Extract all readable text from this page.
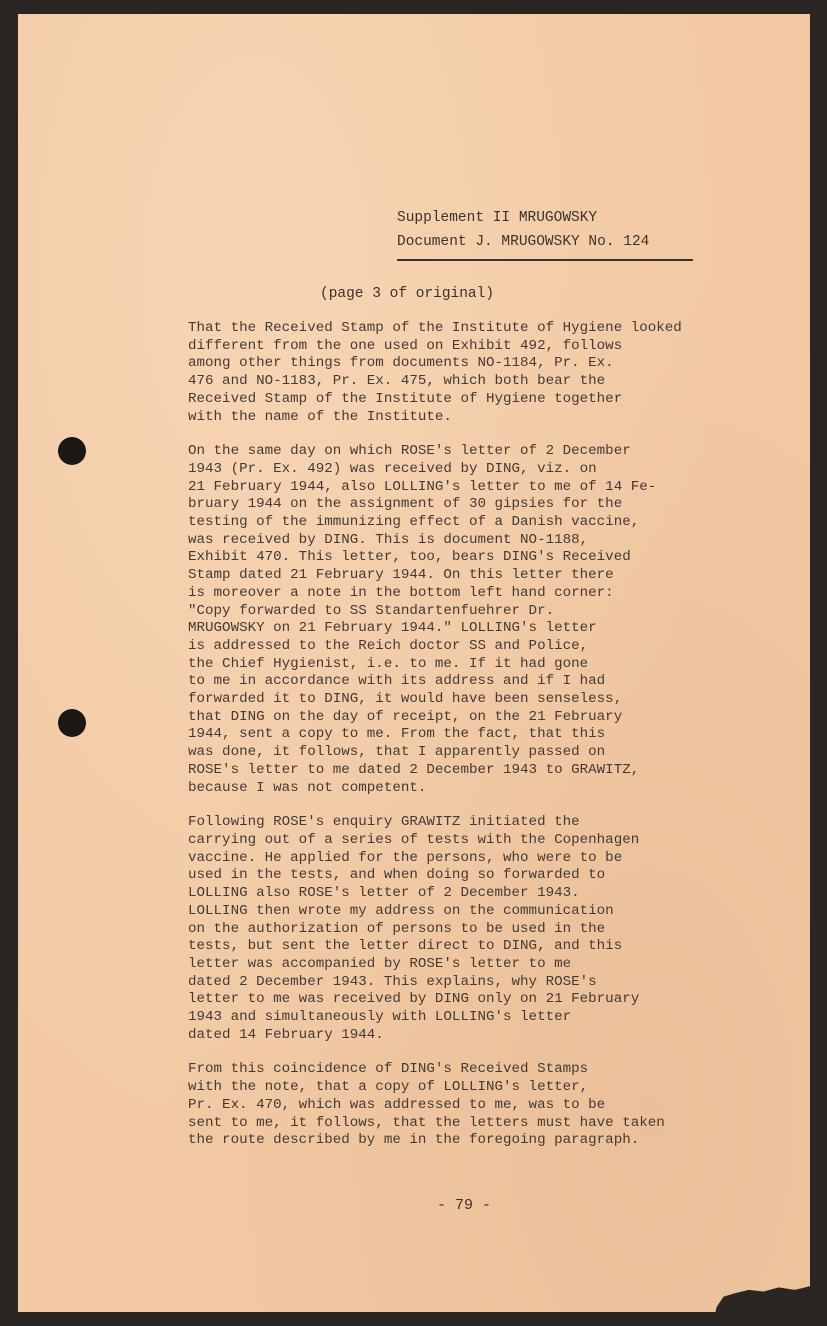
Supplement II MRUGOWSKY
Document J. MRUGOWSKY No. 124
(page 3 of original)

That the Received Stamp of the Institute of Hygiene looked
different from the one used on Exhibit 492, follows
among other things from documents NO-1184, Pr. Ex.
476 and NO-1183, Pr. Ex. 475, which both bear the
Received Stamp of the Institute of Hygiene together
with the name of the Institute.

On the same day on which ROSE's letter of 2 December
1943 (Pr. Ex. 492) was received by DING, viz. on
21 February 1944, also LOLLING's letter to me of 14 Fe-
bruary 1944 on the assignment of 30 gipsies for the
testing of the immunizing effect of a Danish vaccine,
was received by DING. This is document NO-1188,
Exhibit 470. This letter, too, bears DING's Received
Stamp dated 21 February 1944. On this letter there
is moreover a note in the bottom left hand corner:
"Copy forwarded to SS Standartenfuehrer Dr.
MRUGOWSKY on 21 February 1944." LOLLING's letter
is addressed to the Reich doctor SS and Police,
the Chief Hygienist, i.e. to me. If it had gone
to me in accordance with its address and if I had
forwarded it to DING, it would have been senseless,
that DING on the day of receipt, on the 21 February
1944, sent a copy to me. From the fact, that this
was done, it follows, that I apparently passed on
ROSE's letter to me dated 2 December 1943 to GRAWITZ,
because I was not competent.

Following ROSE's enquiry GRAWITZ initiated the
carrying out of a series of tests with the Copenhagen
vaccine. He applied for the persons, who were to be
used in the tests, and when doing so forwarded to
LOLLING also ROSE's letter of 2 December 1943.
LOLLING then wrote my address on the communication
on the authorization of persons to be used in the
tests, but sent the letter direct to DING, and this
letter was accompanied by ROSE's letter to me
dated 2 December 1943. This explains, why ROSE's
letter to me was received by DING only on 21 February
1943 and simultaneously with LOLLING's letter
dated 14 February 1944.

From this coincidence of DING's Received Stamps
with the note, that a copy of LOLLING's letter,
Pr. Ex. 470, which was addressed to me, was to be
sent to me, it follows, that the letters must have taken
the route described by me in the foregoing paragraph.

- 79 -
